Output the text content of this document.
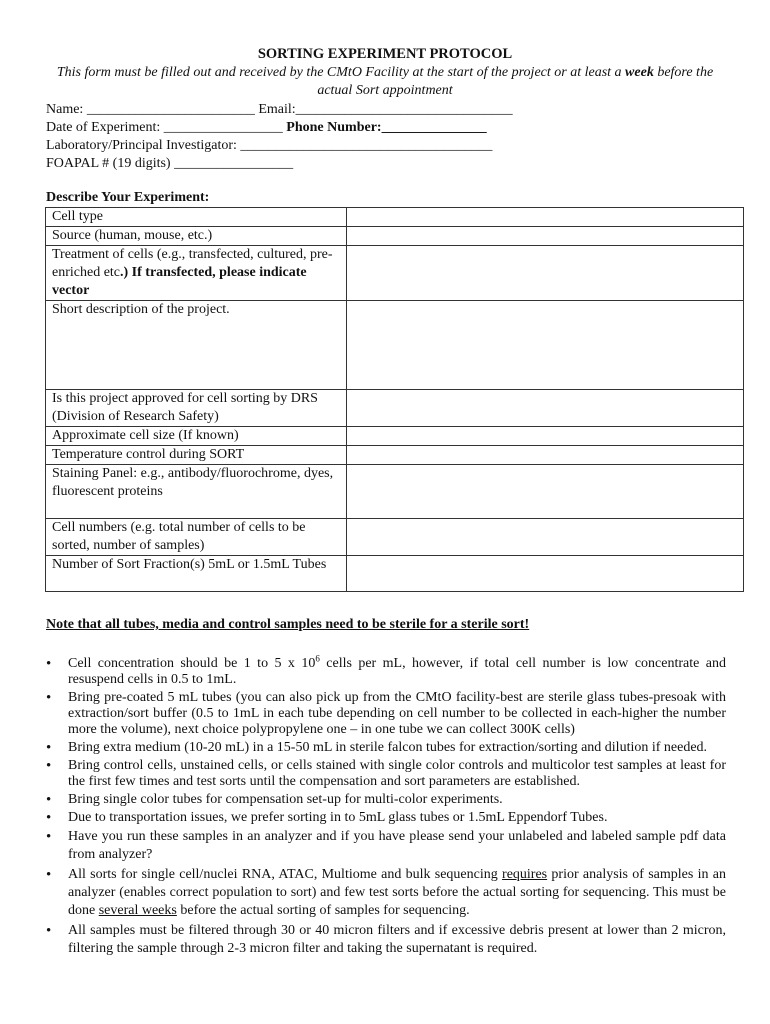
SORTING EXPERIMENT PROTOCOL
This form must be filled out and received by the CMtO Facility at the start of the project or at least a week before the actual Sort appointment
Name: ________________________ Email:_______________________________
Date of Experiment: _________________ Phone Number:_______________
Laboratory/Principal Investigator: ____________________________________
FOAPAL # (19 digits) _________________
Describe Your Experiment:
Cell type	
Source (human, mouse, etc.)	
Treatment of cells (e.g., transfected, cultured, pre-enriched etc.) If transfected, please indicate vector	
Short description of the project.	
Is this project approved for cell sorting by DRS (Division of Research Safety)	
Approximate cell size (If known)	
Temperature control during SORT	
Staining Panel: e.g., antibody/fluorochrome, dyes, fluorescent proteins	
Cell numbers (e.g. total number of cells to be sorted, number of samples)	
Number of Sort Fraction(s) 5mL or 1.5mL Tubes	
Note that all tubes, media and control samples need to be sterile for a sterile sort!
• Cell concentration should be 1 to 5 x $10^6$ cells per mL, however, if total cell number is low concentrate and resuspend cells in 0.5 to 1mL.
• Bring pre-coated 5 mL tubes (you can also pick up from the CMtO facility-best are sterile glass tubes-presoak with extraction/sort buffer (0.5 to 1mL in each tube depending on cell number to be collected in each-higher the number more the volume), next choice polypropylene one – in one tube we can collect 300K cells)
• Bring extra medium (10-20 mL) in a 15-50 mL in sterile falcon tubes for extraction/sorting and dilution if needed.
• Bring control cells, unstained cells, or cells stained with single color controls and multicolor test samples at least for the first few times and test sorts until the compensation and sort parameters are established.
• Bring single color tubes for compensation set-up for multi-color experiments.
• Due to transportation issues, we prefer sorting in to 5mL glass tubes or 1.5mL Eppendorf Tubes.
• Have you run these samples in an analyzer and if you have please send your unlabeled and labeled sample pdf data from analyzer?
• All sorts for single cell/nuclei RNA, ATAC, Multiome and bulk sequencing requires prior analysis of samples in an analyzer (enables correct population to sort) and few test sorts before the actual sorting for sequencing. This must be done several weeks before the actual sorting of samples for sequencing.
• All samples must be filtered through 30 or 40 micron filters and if excessive debris present at lower than 2 micron, filtering the sample through 2-3 micron filter and taking the supernatant is required.
